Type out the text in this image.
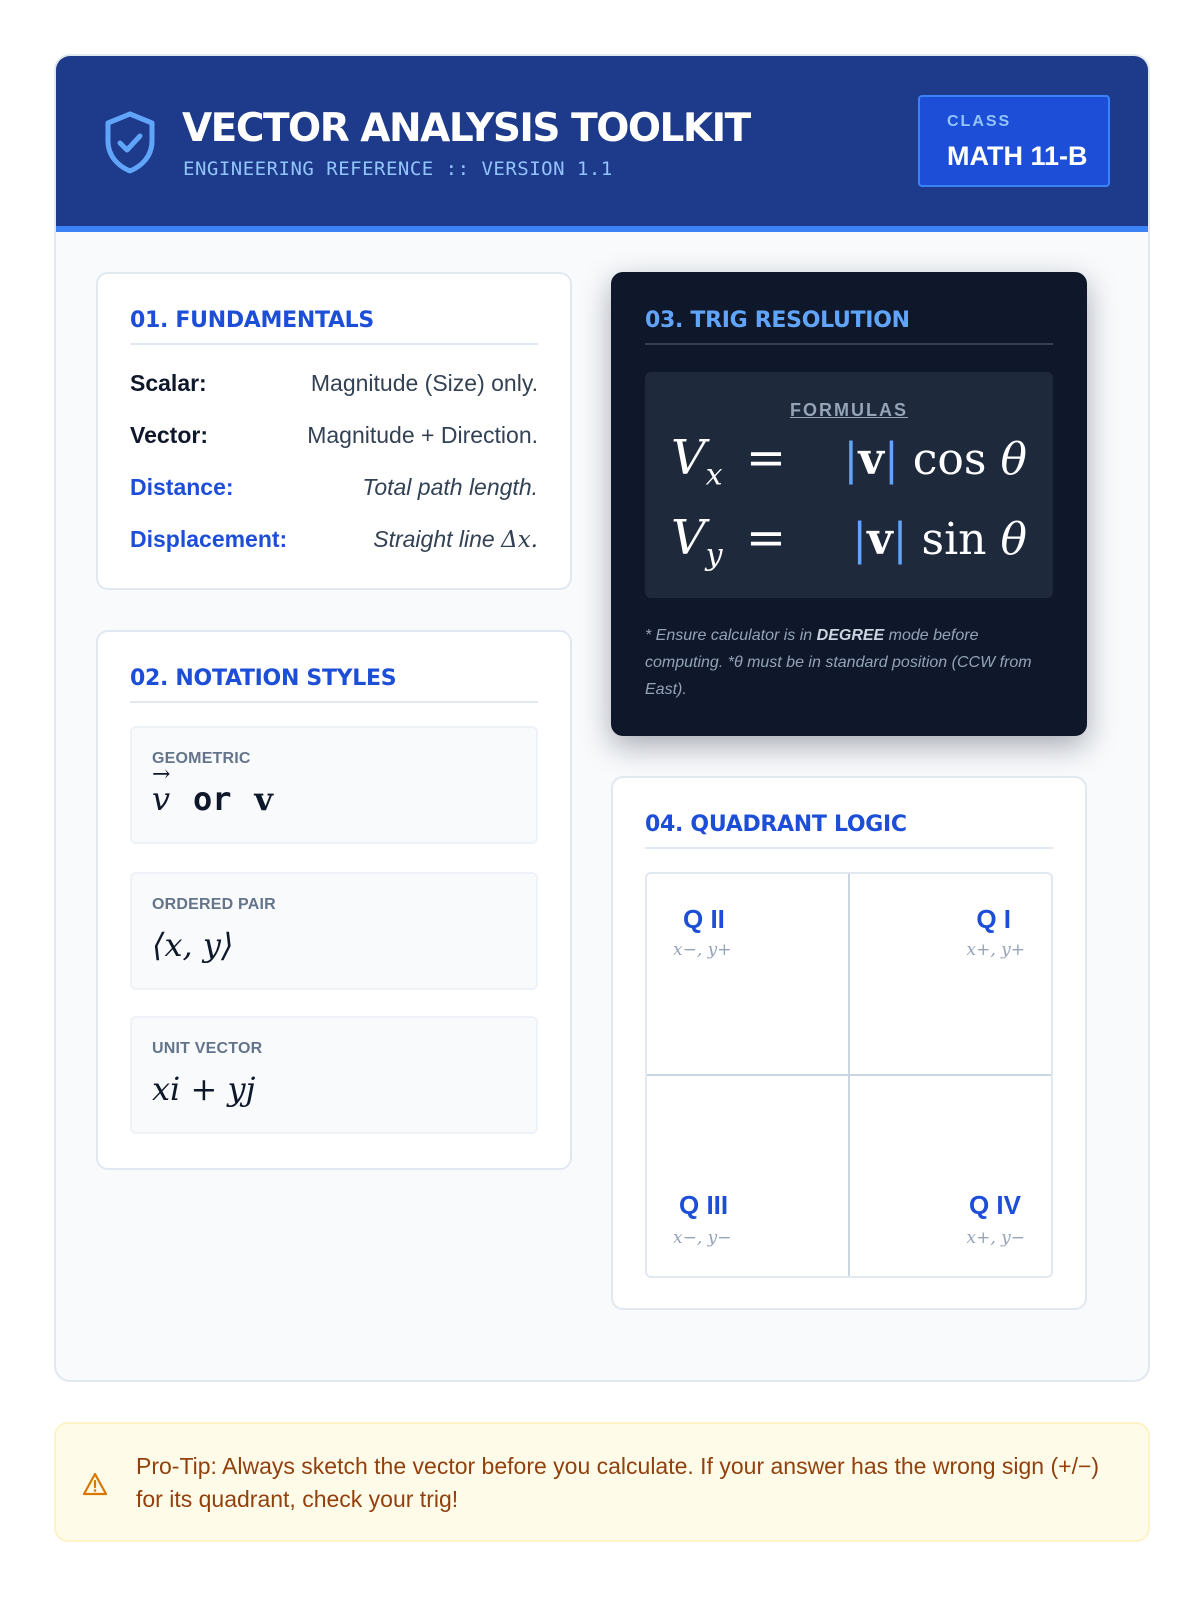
VECTOR ANALYSIS TOOLKIT
ENGINEERING REFERENCE :: VERSION 1.1
CLASS
MATH 11-B
01. FUNDAMENTALS
Scalar:	Magnitude (Size) only.
Vector:	Magnitude + Direction.
Distance:	Total path length.
Displacement:	Straight line Δx.
02. NOTATION STYLES
GEOMETRIC
→
v or v
ORDERED PAIR
⟨x, y⟩
UNIT VECTOR
xi + yj
03. TRIG RESOLUTION
FORMULAS
$V_x = |v|$ cos θ
$V_y = |v|$ sin θ
* Ensure calculator is in DEGREE mode before computing. *θ must be in standard position (CCW from East).
04. QUADRANT LOGIC
Q II
x−, y+
Q I
x+, y+
Q III
x−, y−
Q IV
x+, y−
Pro-Tip: Always sketch the vector before you calculate. If your answer has the wrong sign (+/−) for its quadrant, check your trig!
